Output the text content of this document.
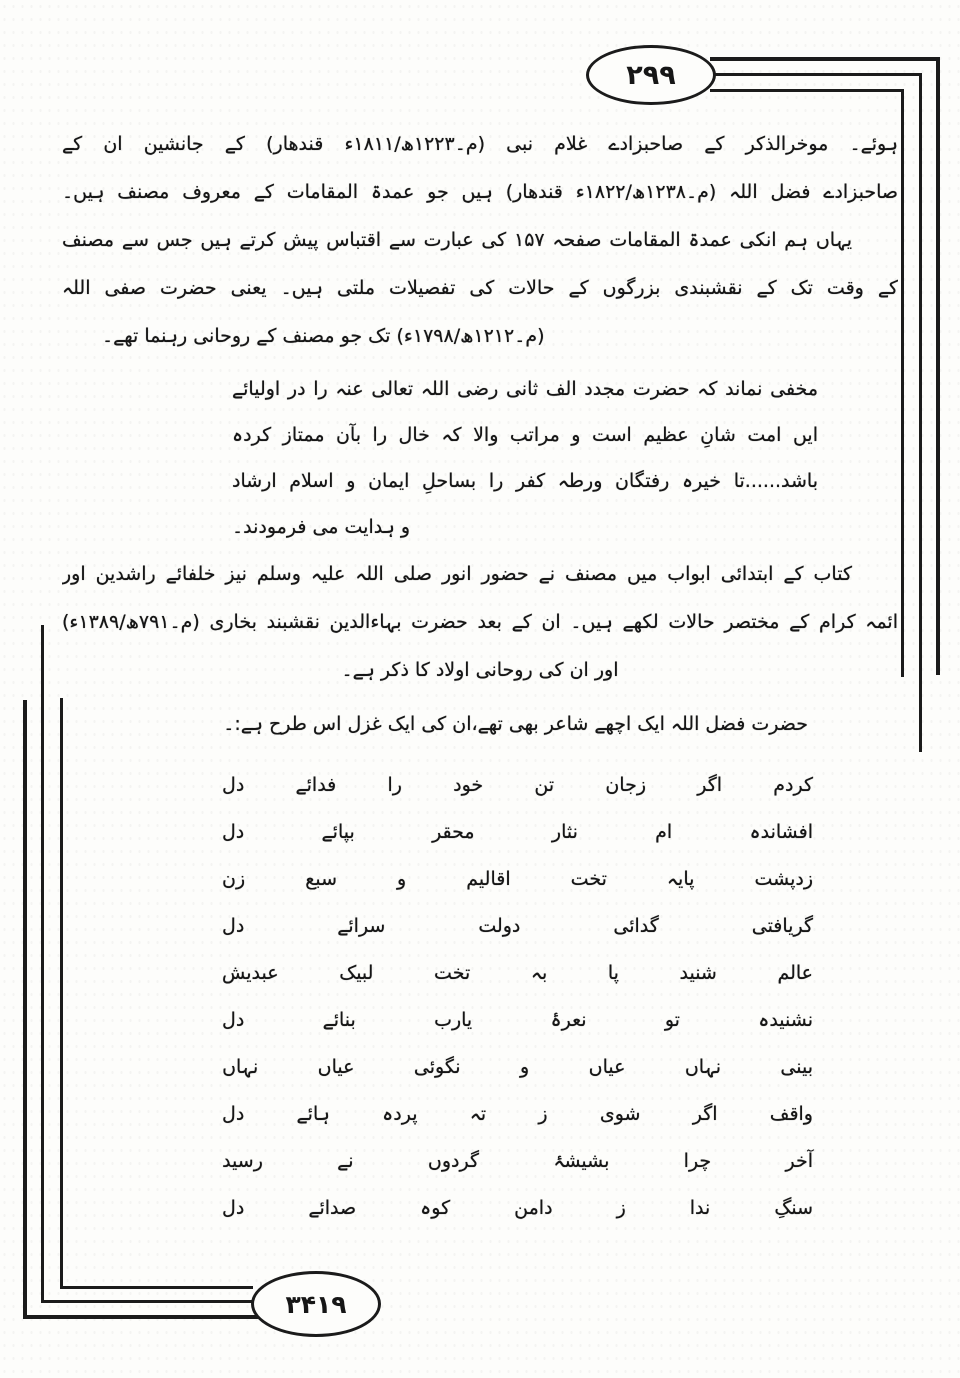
۲۹۹
۳۴۱۹
ہوئے۔ موخرالذکر کے صاحبزادے غلام نبی (م۔۱۲۲۳ھ/۱۸۱۱ء قندھار) کے جانشین ان کے
صاحبزادے فضل اللہ (م۔۱۲۳۸ھ/۱۸۲۲ء قندھار) ہیں جو عمدۃ المقامات کے معروف مصنف ہیں۔
یہاں ہم انکی عمدۃ المقامات صفحہ ۱۵۷ کی عبارت سے اقتباس پیش کرتے ہیں جس سے مصنف
کے وقت تک کے نقشبندی بزرگوں کے حالات کی تفصیلات ملتی ہیں۔ یعنی حضرت صفی اللہ
(م۔۱۲۱۲ھ/۱۷۹۸ء) تک جو مصنف کے روحانی رہنما تھے۔
مخفی نماند کہ حضرت مجدد الف ثانی رضی اللہ تعالی عنہ را در اولیائے
ایں امت شانِ عظیم است و مراتب والا کہ خال را بآن ممتاز کردہ
باشد......تا خیرہ رفتگان ورطہ کفر را بساحلِ ایمان و اسلام ارشاد
و ہدایت می فرمودند۔
کتاب کے ابتدائی ابواب میں مصنف نے حضور انور صلی اللہ علیہ وسلم نیز خلفائے راشدین اور
ائمہ کرام کے مختصر حالات لکھے ہیں۔ ان کے بعد حضرت بہاءالدین نقشبند بخاری (م۔۷۹۱ھ/۱۳۸۹ء)
اور ان کی روحانی اولاد کا ذکر ہے۔
حضرت فضل اللہ ایک اچھے شاعر بھی تھے،ان کی ایک غزل اس طرح ہے:۔
کردم
اگر
زجان
تن
خود
را
فدائے
دل
افشاندہ
ام
نثار
محقر
بپائے
دل
زدپشت
پایہ
تخت
اقالیم
و
سبع
زن
گریافتی
گدائی
دولت
سرائے
دل
عالم
شنید
پا
بہ
تخت
لبیک
عبدیش
نشنیدہ
تو
نعرۂ
یارب
بنائے
دل
بینی
نہاں
عیاں
و
نگوئی
عیاں
نہاں
واقف
اگر
شوی
ز
تہ
پردہ
ہائے
دل
آخر
چرا
بشیشۂ
گردوں
نے
رسید
سنگِ
ندا
ز
دامن
کوہ
صدائے
دل
